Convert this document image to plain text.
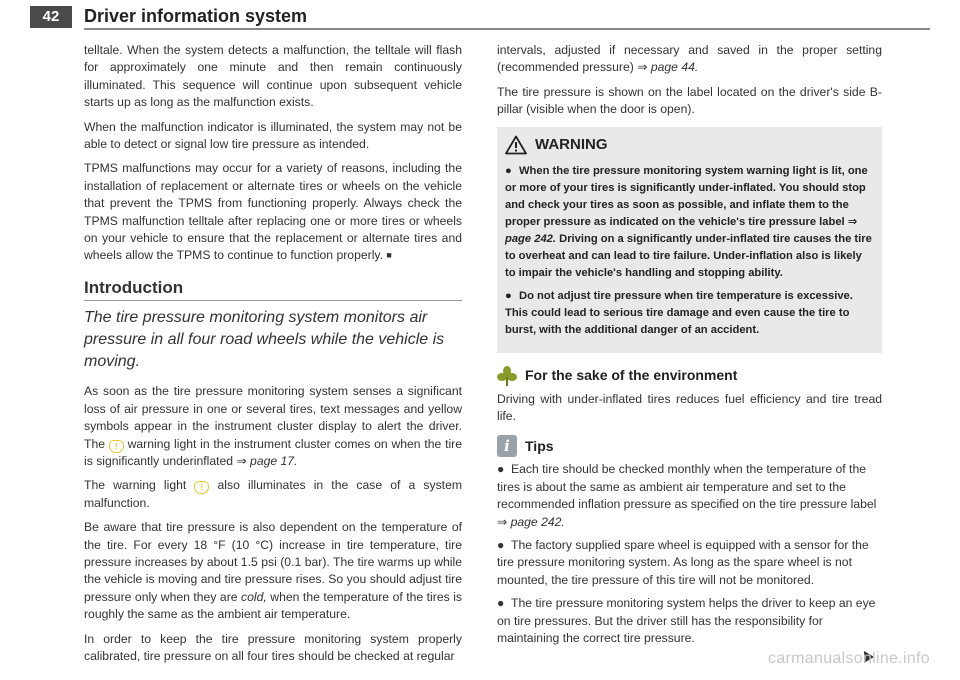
42	Driver information system

telltale. When the system detects a malfunction, the telltale will flash for approximately one minute and then remain continuously illuminated. This sequence will continue upon subsequent vehicle starts up as long as the malfunction exists.

When the malfunction indicator is illuminated, the system may not be able to detect or signal low tire pressure as intended.

TPMS malfunctions may occur for a variety of reasons, including the installation of replacement or alternate tires or wheels on the vehicle that prevent the TPMS from functioning properly. Always check the TPMS malfunction telltale after replacing one or more tires or wheels on your vehicle to ensure that the replacement or alternate tires and wheels allow the TPMS to continue to function properly. ■

Introduction
The tire pressure monitoring system monitors air pressure in all four road wheels while the vehicle is moving.

As soon as the tire pressure monitoring system senses a significant loss of air pressure in one or several tires, text messages and yellow symbols appear in the instrument cluster display to alert the driver. The ! warning light in the instrument cluster comes on when the tire is significantly underinflated ⇒ page 17.

The warning light ! also illuminates in the case of a system malfunction.

Be aware that tire pressure is also dependent on the temperature of the tire. For every 18 °F (10 °C) increase in tire temperature, tire pressure increases by about 1.5 psi (0.1 bar). The tire warms up while the vehicle is moving and tire pressure rises. So you should adjust tire pressure only when they are cold, when the temperature of the tires is roughly the same as the ambient air temperature.

In order to keep the tire pressure monitoring system properly calibrated, tire pressure on all four tires should be checked at regular

intervals, adjusted if necessary and saved in the proper setting (recommended pressure) ⇒ page 44.

The tire pressure is shown on the label located on the driver's side B-pillar (visible when the door is open).

WARNING
● When the tire pressure monitoring system warning light is lit, one or more of your tires is significantly under-inflated. You should stop and check your tires as soon as possible, and inflate them to the proper pressure as indicated on the vehicle's tire pressure label ⇒ page 242. Driving on a significantly under-inflated tire causes the tire to overheat and can lead to tire failure. Under-inflation also is likely to impair the vehicle's handling and stopping ability.
● Do not adjust tire pressure when tire temperature is excessive. This could lead to serious tire damage and even cause the tire to burst, with the additional danger of an accident.
For the sake of the environment

Driving with under-inflated tires reduces fuel efficiency and tire tread life.

i	Tips
● Each tire should be checked monthly when the temperature of the tires is about the same as ambient air temperature and set to the recommended inflation pressure as specified on the tire pressure label ⇒ page 242.
● The factory supplied spare wheel is equipped with a sensor for the tire pressure monitoring system. As long as the spare wheel is not mounted, the tire pressure of this tire will not be monitored.
● The tire pressure monitoring system helps the driver to keep an eye on tire pressures. But the driver still has the responsibility for maintaining the correct tire pressure.
carmanualsonline.info
